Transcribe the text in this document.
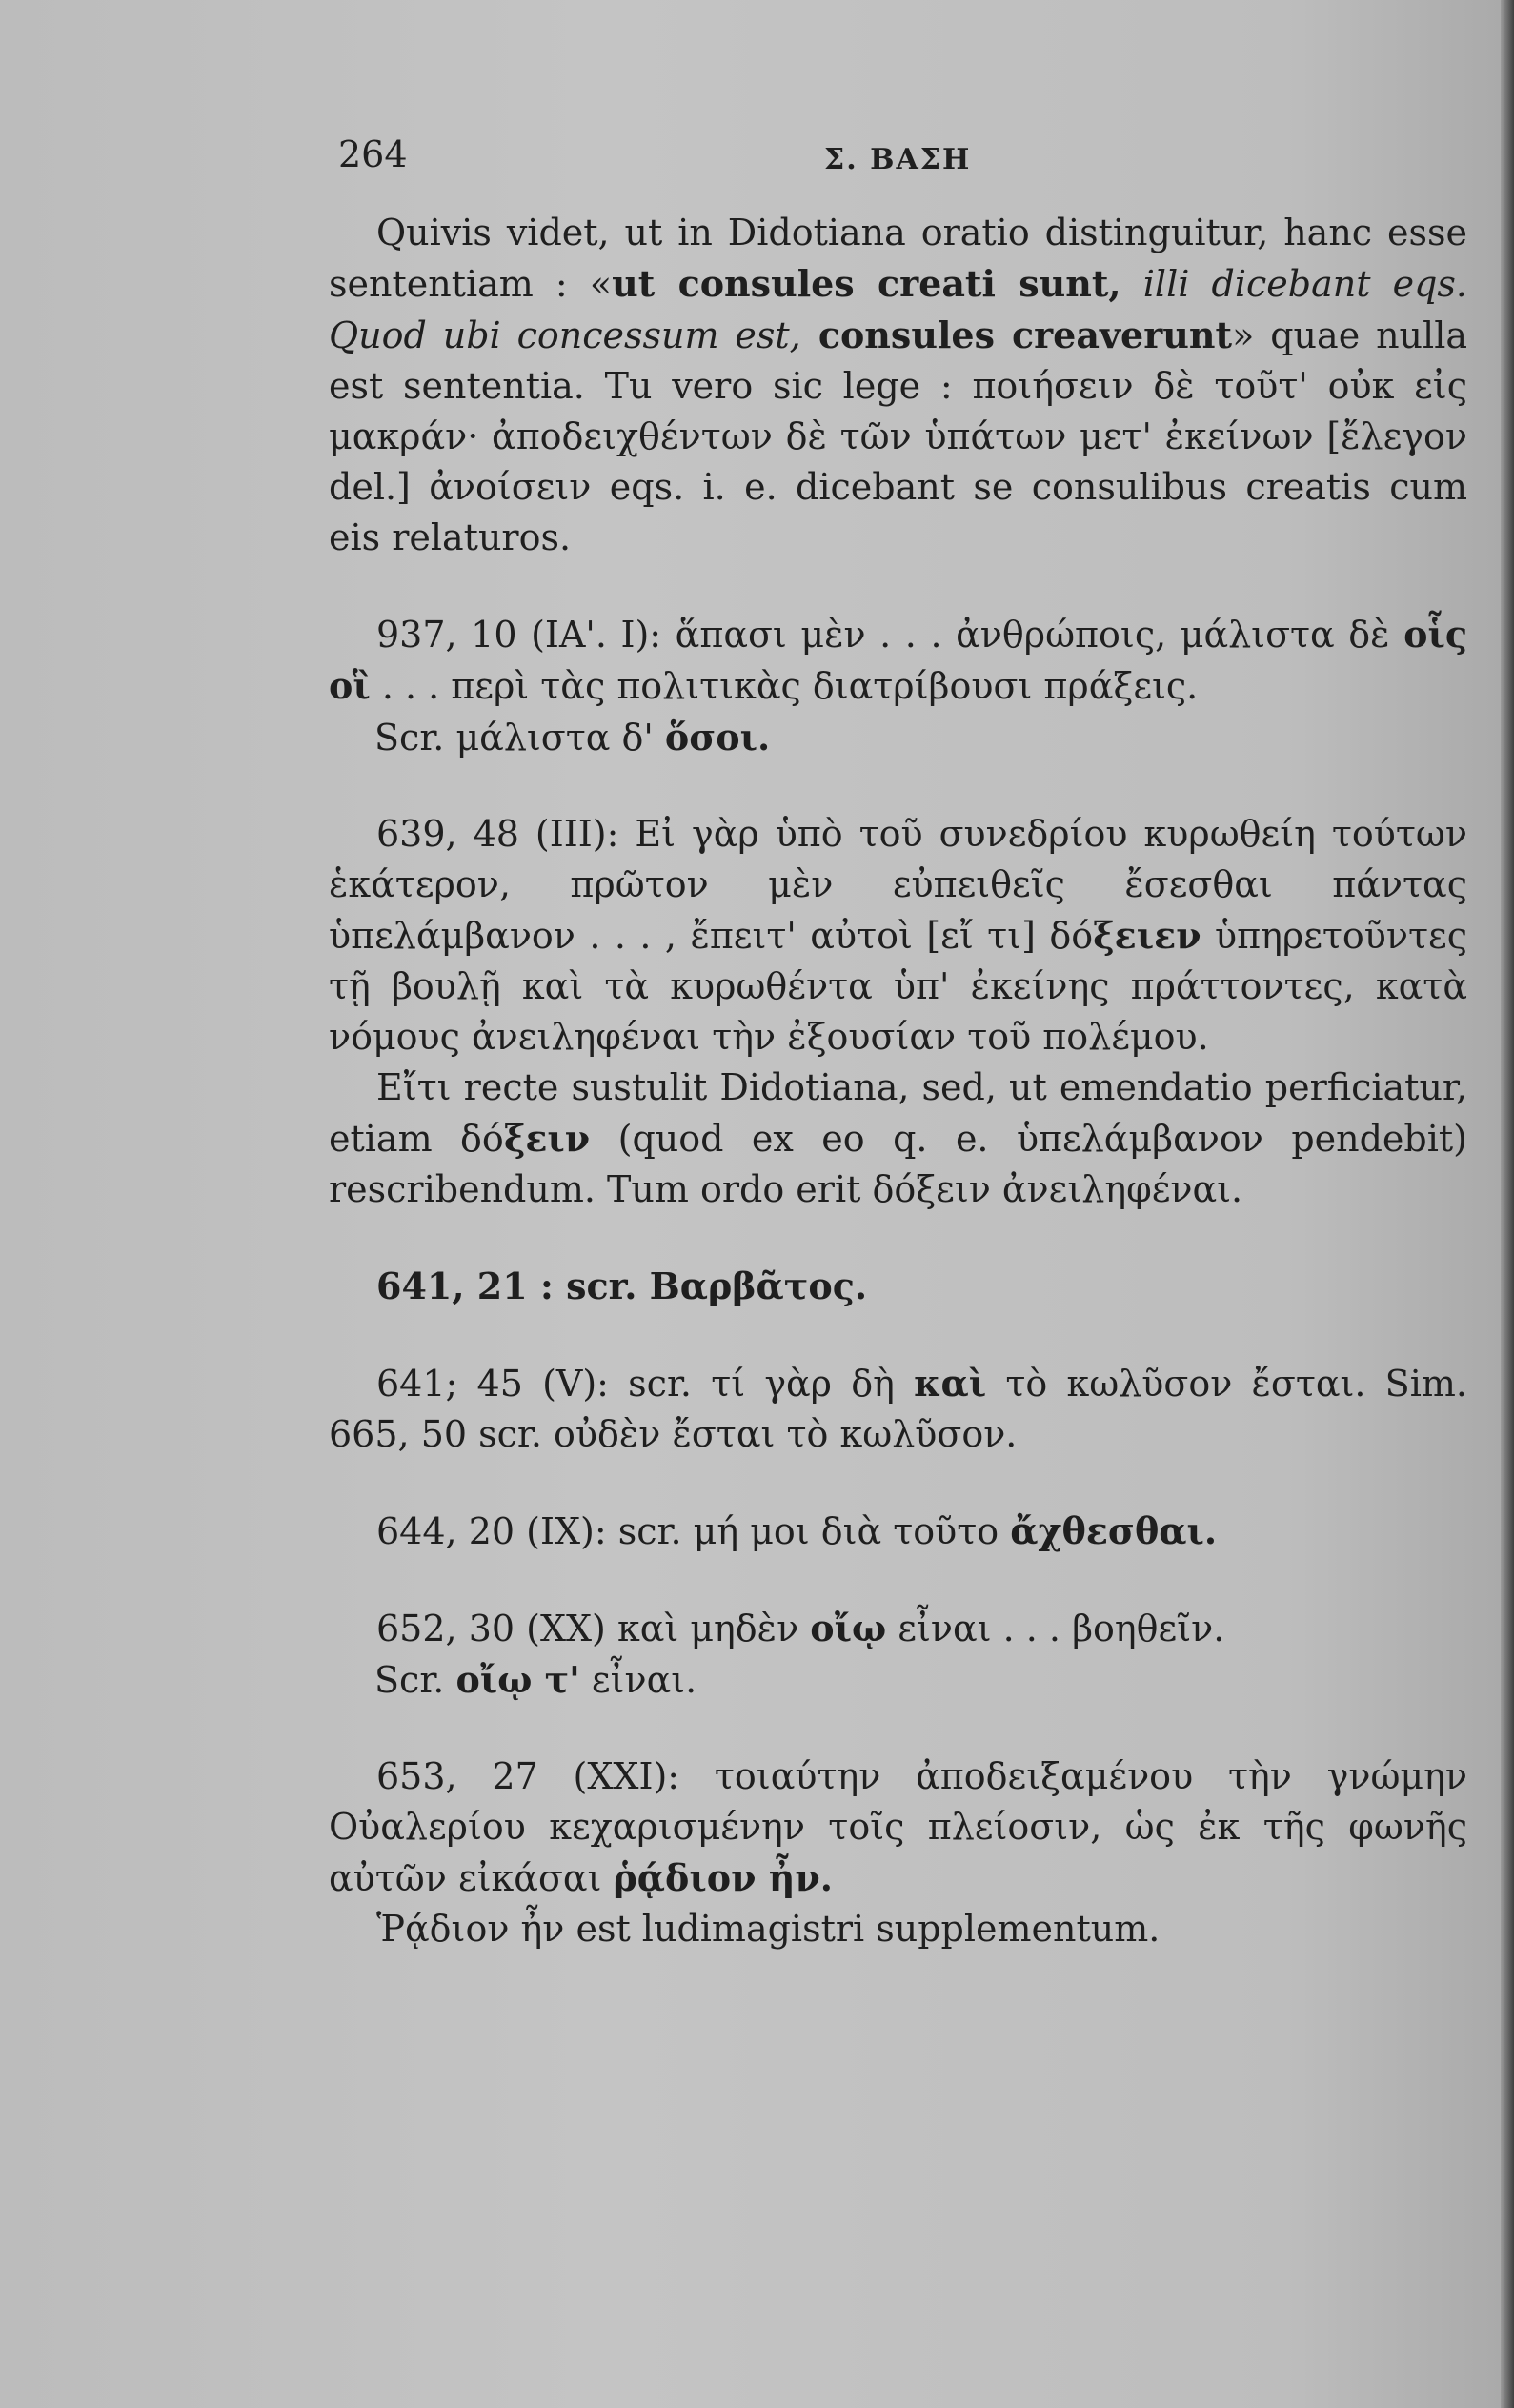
264	Σ. ΒΑΣΗ

Quivis videt, ut in Didotiana oratio distinguitur, hanc esse sententiam : «ut consules creati sunt, illi dicebant eqs. Quod ubi concessum est, consules creaverunt» quae nulla est sententia. Tu vero sic lege : ποιήσειν δὲ τοῦτ' οὐκ εἰς μακράν· ἀποδειχθέντων δὲ τῶν ὑπάτων μετ' ἐκείνων [ἔλεγον del.] ἀνοίσειν eqs. i. e. dicebant se consulibus creatis cum eis relaturos.

937, 10 (ΙΑ'. Ι): ἅπασι μὲν . . . ἀνθρώποις, μάλιστα δὲ οἷς οἳ . . . περὶ τὰς πολιτικὰς διατρίβουσι πράξεις.

Scr. μάλιστα δ' ὅσοι.

639, 48 (III): Εἰ γὰρ ὑπὸ τοῦ συνεδρίου κυρωθείη τούτων ἑκάτερον, πρῶτον μὲν εὐπειθεῖς ἔσεσθαι πάντας ὑπελάμβανον . . . , ἔπειτ' αὐτοὶ [εἴ τι] δόξειεν ὑπηρετοῦντες τῇ βουλῇ καὶ τὰ κυρωθέντα ὑπ' ἐκείνης πράττοντες, κατὰ νόμους ἀνειληφέναι τὴν ἐξουσίαν τοῦ πολέμου.

Εἴτι recte sustulit Didotiana, sed, ut emendatio perficiatur, etiam δόξειν (quod ex eo q. e. ὑπελάμβανον pendebit) rescribendum. Tum ordo erit δόξειν ἀνειληφέναι.

641, 21 : scr. Βαρβᾶτος.

641; 45 (V): scr. τί γὰρ δὴ καὶ τὸ κωλῦσον ἔσται. Sim. 665, 50 scr. οὐδὲν ἔσται τὸ κωλῦσον.

644, 20 (IX): scr. μή μοι διὰ τοῦτο ἄχθεσθαι.

652, 30 (XX) καὶ μηδὲν οἴῳ εἶναι . . . βοηθεῖν.

Scr. οἴῳ τ' εἶναι.

653, 27 (XXI): τοιαύτην ἀποδειξαμένου τὴν γνώμην Οὐαλερίου κεχαρισμένην τοῖς πλείοσιν, ὡς ἐκ τῆς φωνῆς αὐτῶν εἰκάσαι ῥᾴδιον ἦν.

Ῥᾴδιον ἦν est ludimagistri supplementum.
